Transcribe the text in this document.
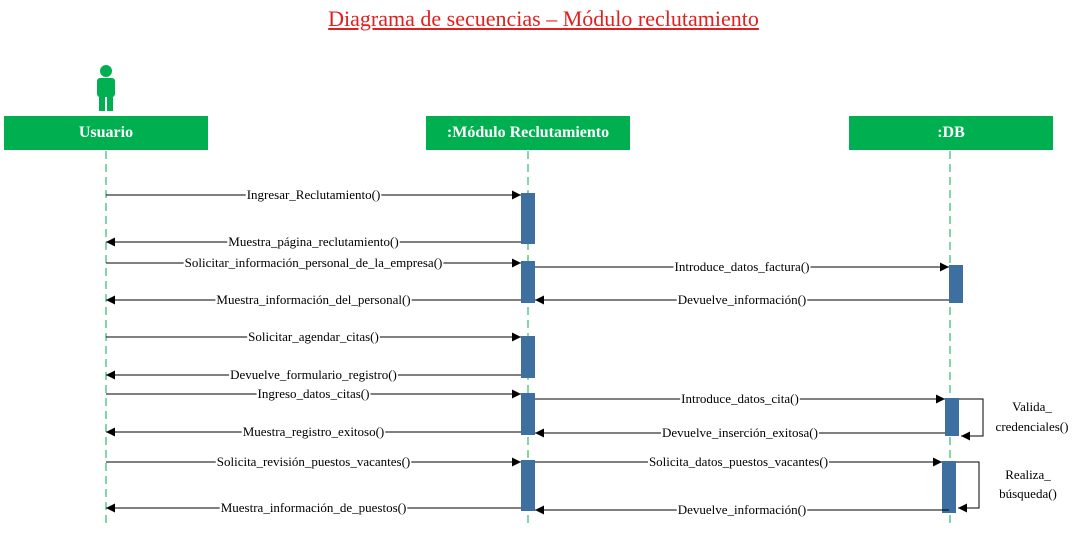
Diagrama de secuencias – Módulo reclutamiento
Usuario	:Módulo Reclutamiento	:DB
Ingresar_Reclutamiento()
Muestra_página_reclutamiento()
Solicitar_información_personal_de_la_empresa()	Introduce_datos_factura()
Muestra_información_del_personal()	Devuelve_información()
Solicitar_agendar_citas()
Devuelve_formulario_registro()
Ingreso_datos_citas()	Introduce_datos_cita()
Muestra_registro_exitoso()	Devuelve_inserción_exitosa()
Solicita_revisión_puestos_vacantes()	Solicita_datos_puestos_vacantes()
Muestra_información_de_puestos()	Devuelve_información()
Valida_
credenciales()
Realiza_
búsqueda()
